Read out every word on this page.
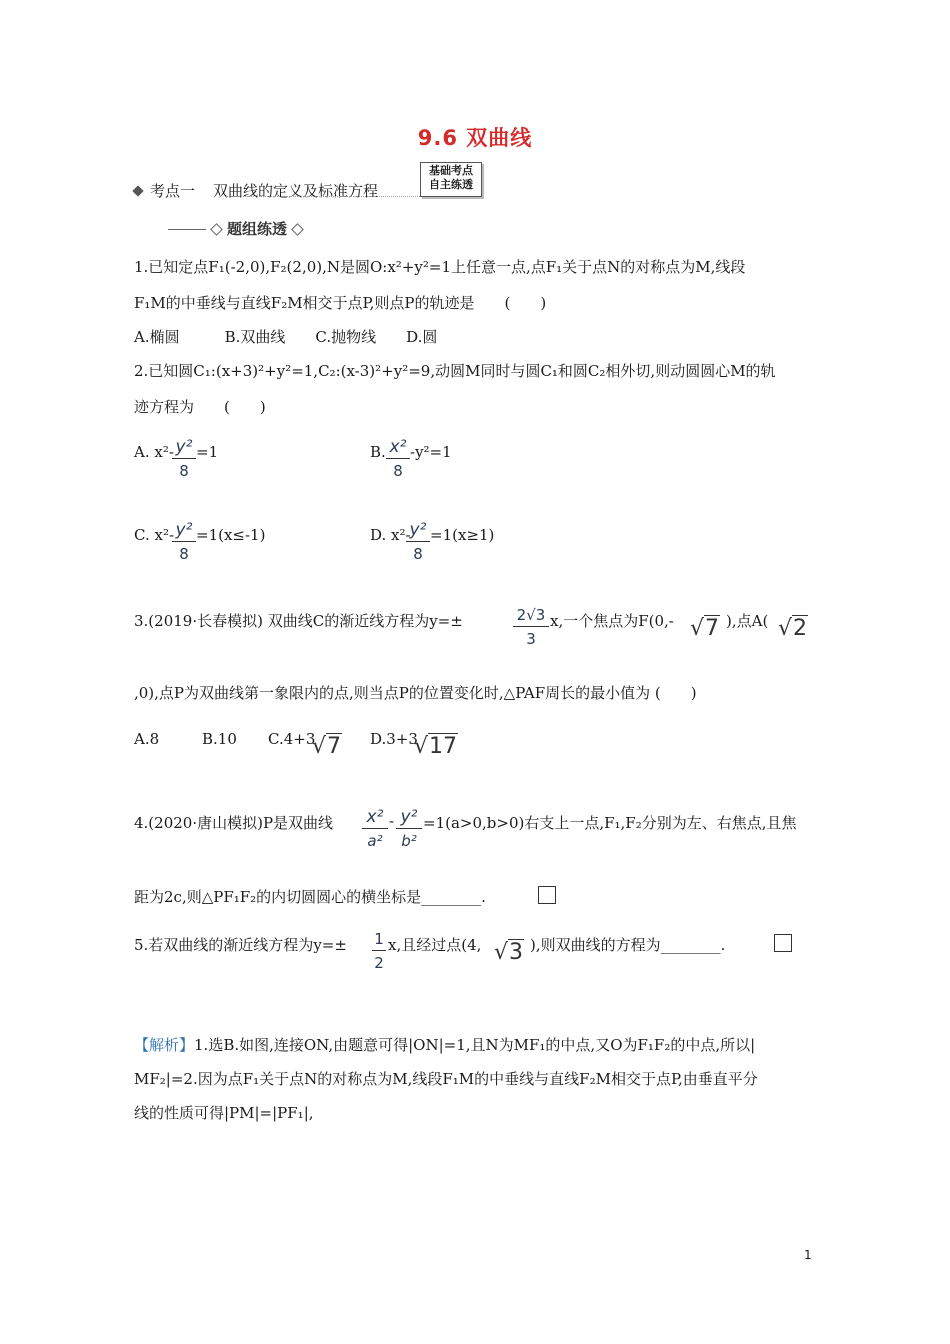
9.6 双曲线
考点一 双曲线的定义及标准方程
基础考点
自主练透
题组练透
1.已知定点F₁(-2,0),F₂(2,0),N是圆O:x²+y²=1上任意一点,点F₁关于点N的对称点为M,线段
F₁M的中垂线与直线F₂M相交于点P,则点P的轨迹是　　(　　)
A.椭圆　　　B.双曲线　　C.抛物线　　D.圆
2.已知圆C₁:(x+3)²+y²=1,C₂:(x-3)²+y²=9,动圆M同时与圆C₁和圆C₂相外切,则动圆圆心M的轨
迹方程为　　(　　)
A. x²- y²
8
=1	B. x²
8
-y²=1
C. x²- y²
8
=1(x≤-1)	D. x²-
y²
8
=1(x≥1)
3.(2019·长春模拟) 双曲线C的渐近线方程为y=±	2√3
3
x,一个焦点为F(0,- √7 ),点A( √2
,0),点P为双曲线第一象限内的点,则当点P的位置变化时,△PAF周长的最小值为 (　　)
A.8	B.10 C.4+3
√7 D.3+3
√17
4.(2020·唐山模拟)P是双曲线 x²
a²
- y²
b²
=1(a>0,b>0)右支上一点,F₁,F₂分别为左、右焦点,且焦
距为2c,则△PF₁F₂的内切圆圆心的横坐标是________.
5.若双曲线的渐近线方程为y=± 1
2
x,且经过点(4, √3 ),则双曲线的方程为________.
【解析】1.选B.如图,连接ON,由题意可得|ON|=1,且N为MF₁的中点,又O为F₁F₂的中点,所以|
MF₂|=2.因为点F₁关于点N的对称点为M,线段F₁M的中垂线与直线F₂M相交于点P,由垂直平分
线的性质可得|PM|=|PF₁|,
1
